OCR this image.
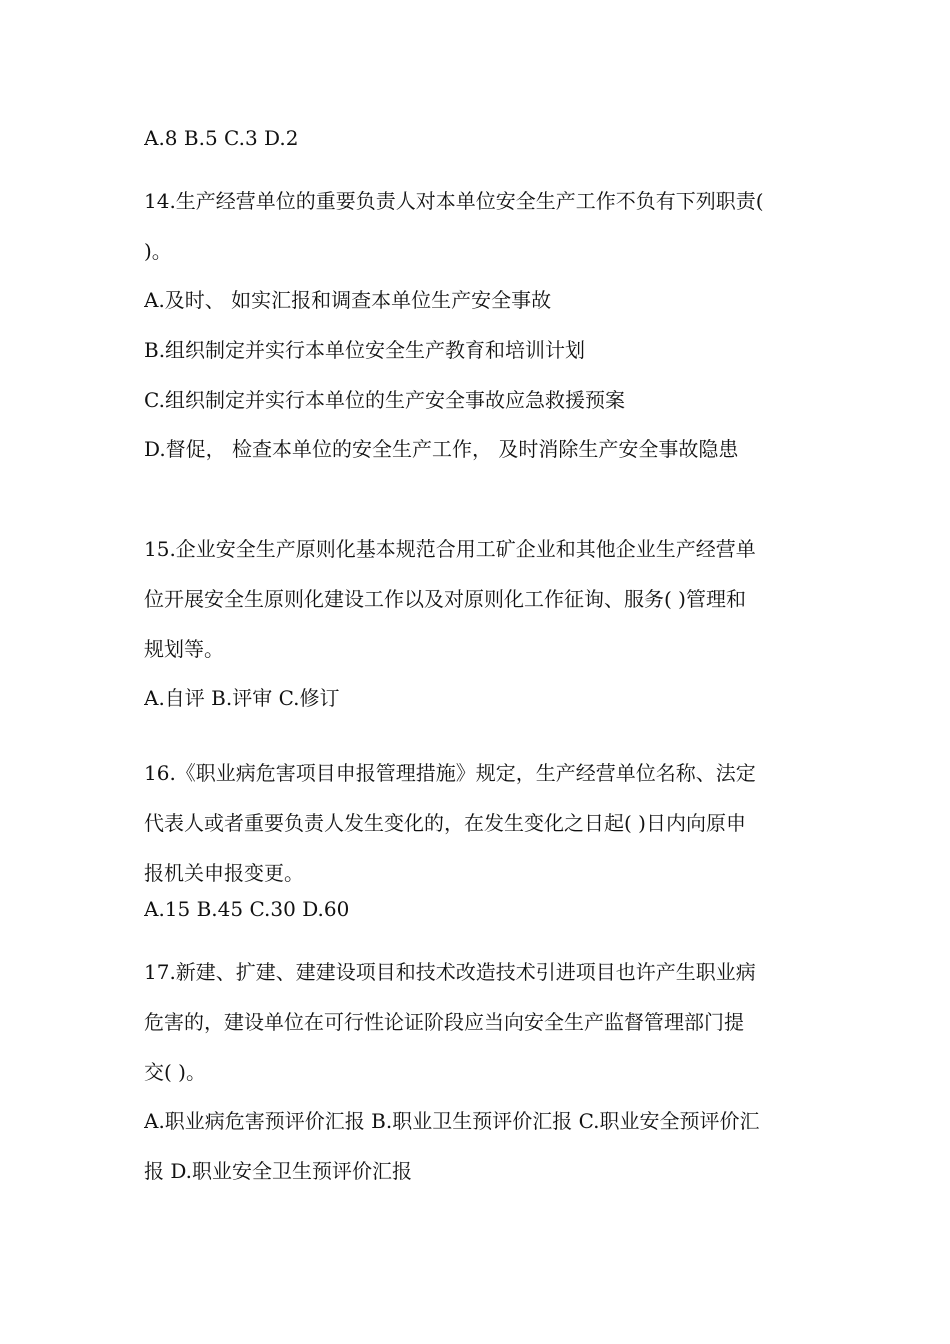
A.8 B.5 C.3 D.2
14.生产经营单位的重要负责人对本单位安全生产工作不负有下列职责(
)。
A.及时、 如实汇报和调查本单位生产安全事故
B.组织制定并实行本单位安全生产教育和培训计划
C.组织制定并实行本单位的生产安全事故应急救援预案
D.督促， 检查本单位的安全生产工作， 及时消除生产安全事故隐患
15.企业安全生产原则化基本规范合用工矿企业和其他企业生产经营单
位开展安全生原则化建设工作以及对原则化工作征询、服务( )管理和
规划等。
A.自评 B.评审 C.修订
16.《职业病危害项目申报管理措施》规定，生产经营单位名称、法定
代表人或者重要负责人发生变化的，在发生变化之日起( )日内向原申
报机关申报变更。
A.15 B.45 C.30 D.60
17.新建、扩建、建建设项目和技术改造技术引进项目也许产生职业病
危害的，建设单位在可行性论证阶段应当向安全生产监督管理部门提
交( )。
A.职业病危害预评价汇报 B.职业卫生预评价汇报 C.职业安全预评价汇
报 D.职业安全卫生预评价汇报
